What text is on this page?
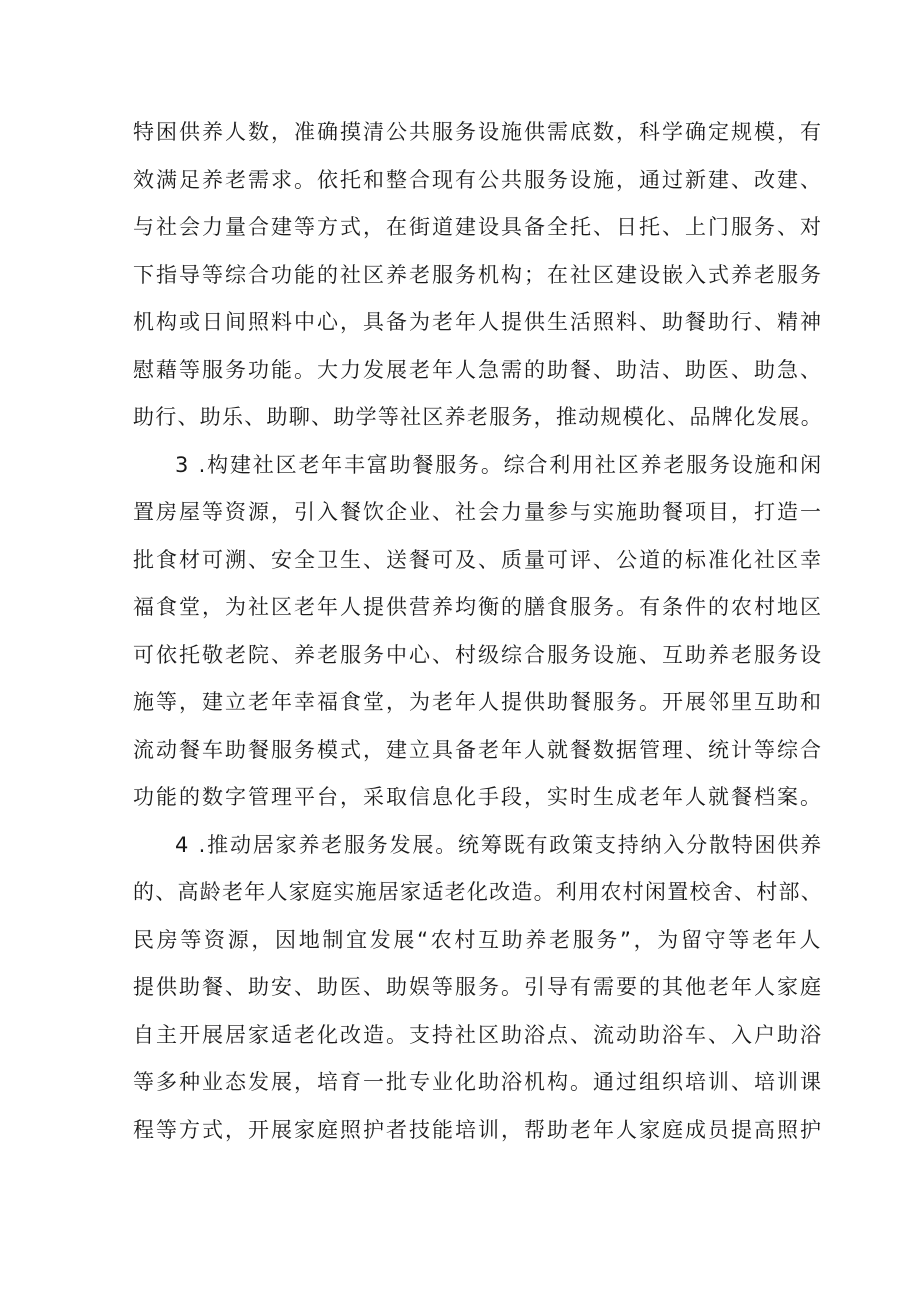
特困供养人数，准确摸清公共服务设施供需底数，科学确定规模，有
效满足养老需求。依托和整合现有公共服务设施，通过新建、改建、
与社会力量合建等方式，在街道建设具备全托、日托、上门服务、对
下指导等综合功能的社区养老服务机构；在社区建设嵌入式养老服务
机构或日间照料中心，具备为老年人提供生活照料、助餐助行、精神
慰藉等服务功能。大力发展老年人急需的助餐、助洁、助医、助急、
助行、助乐、助聊、助学等社区养老服务，推动规模化、品牌化发展。
3 .构建社区老年丰富助餐服务。综合利用社区养老服务设施和闲
置房屋等资源，引入餐饮企业、社会力量参与实施助餐项目，打造一
批食材可溯、安全卫生、送餐可及、质量可评、公道的标准化社区幸
福食堂，为社区老年人提供营养均衡的膳食服务。有条件的农村地区
可依托敬老院、养老服务中心、村级综合服务设施、互助养老服务设
施等，建立老年幸福食堂，为老年人提供助餐服务。开展邻里互助和
流动餐车助餐服务模式，建立具备老年人就餐数据管理、统计等综合
功能的数字管理平台，采取信息化手段，实时生成老年人就餐档案。
4 .推动居家养老服务发展。统筹既有政策支持纳入分散特困供养
的、高龄老年人家庭实施居家适老化改造。利用农村闲置校舍、村部、
民房等资源，因地制宜发展“农村互助养老服务”，为留守等老年人
提供助餐、助安、助医、助娱等服务。引导有需要的其他老年人家庭
自主开展居家适老化改造。支持社区助浴点、流动助浴车、入户助浴
等多种业态发展，培育一批专业化助浴机构。通过组织培训、培训课
程等方式，开展家庭照护者技能培训，帮助老年人家庭成员提高照护
